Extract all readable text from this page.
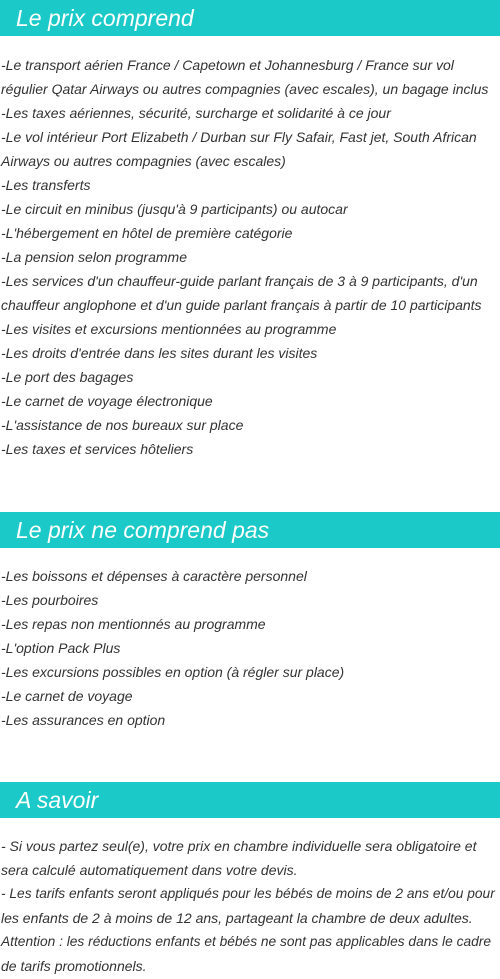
Le prix comprend
-Le transport aérien France / Capetown et Johannesburg / France sur vol
régulier Qatar Airways ou autres compagnies (avec escales), un bagage inclus
-Les taxes aériennes, sécurité, surcharge et solidarité à ce jour
-Le vol intérieur Port Elizabeth / Durban sur Fly Safair, Fast jet, South African
Airways ou autres compagnies (avec escales)
-Les transferts
-Le circuit en minibus (jusqu'à 9 participants) ou autocar
-L'hébergement en hôtel de première catégorie
-La pension selon programme
-Les services d'un chauffeur-guide parlant français de 3 à 9 participants, d'un
chauffeur anglophone et d'un guide parlant français à partir de 10 participants
-Les visites et excursions mentionnées au programme
-Les droits d'entrée dans les sites durant les visites
-Le port des bagages
-Le carnet de voyage électronique
-L'assistance de nos bureaux sur place
-Les taxes et services hôteliers
Le prix ne comprend pas
-Les boissons et dépenses à caractère personnel
-Les pourboires
-Les repas non mentionnés au programme
-L'option Pack Plus
-Les excursions possibles en option (à régler sur place)
-Le carnet de voyage
-Les assurances en option
A savoir
- Si vous partez seul(e), votre prix en chambre individuelle sera obligatoire et
sera calculé automatiquement dans votre devis.
- Les tarifs enfants seront appliqués pour les bébés de moins de 2 ans et/ou pour
les enfants de 2 à moins de 12 ans, partageant la chambre de deux adultes.
Attention : les réductions enfants et bébés ne sont pas applicables dans le cadre
de tarifs promotionnels.
